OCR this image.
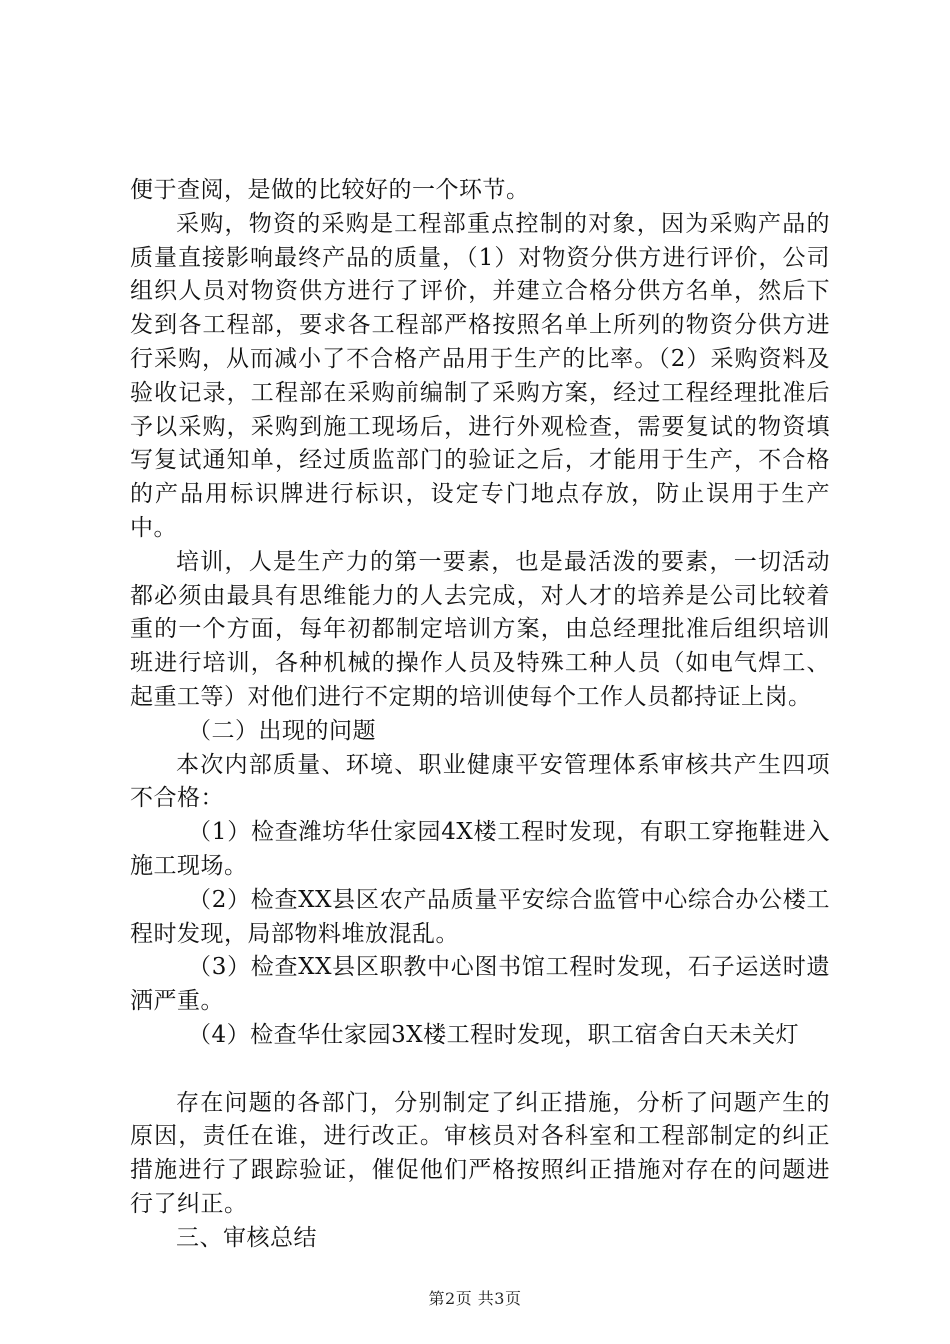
便于查阅，是做的比较好的一个环节。

采购，物资的采购是工程部重点控制的对象，因为采购产品的质量直接影响最终产品的质量，（1）对物资分供方进行评价，公司组织人员对物资供方进行了评价，并建立合格分供方名单，然后下发到各工程部，要求各工程部严格按照名单上所列的物资分供方进行采购，从而减小了不合格产品用于生产的比率。（2）采购资料及验收记录，工程部在采购前编制了采购方案，经过工程经理批准后予以采购，采购到施工现场后，进行外观检查，需要复试的物资填写复试通知单，经过质监部门的验证之后，才能用于生产，不合格的产品用标识牌进行标识，设定专门地点存放，防止误用于生产中。

培训，人是生产力的第一要素，也是最活泼的要素，一切活动都必须由最具有思维能力的人去完成，对人才的培养是公司比较着重的一个方面，每年初都制定培训方案，由总经理批准后组织培训班进行培训，各种机械的操作人员及特殊工种人员（如电气焊工、起重工等）对他们进行不定期的培训使每个工作人员都持证上岗。

（二）出现的问题

本次内部质量、环境、职业健康平安管理体系审核共产生四项不合格：

（1）检查潍坊华仕家园4X楼工程时发现，有职工穿拖鞋进入施工现场。

（2）检查XX县区农产品质量平安综合监管中心综合办公楼工程时发现，局部物料堆放混乱。

（3）检查XX县区职教中心图书馆工程时发现，石子运送时遗洒严重。

（4）检查华仕家园3X楼工程时发现，职工宿舍白天未关灯

存在问题的各部门，分别制定了纠正措施，分析了问题产生的原因，责任在谁，进行改正。审核员对各科室和工程部制定的纠正措施进行了跟踪验证，催促他们严格按照纠正措施对存在的问题进行了纠正。

三、审核总结

第2页 共3页
